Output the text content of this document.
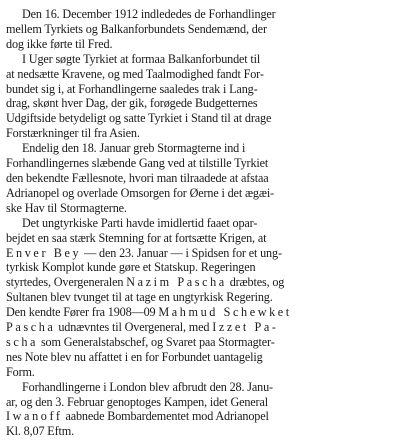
Den 16. December 1912 indlededes de Forhandlinger
mellem Tyrkiets og Balkanforbundets Sendemænd, der
dog ikke førte til Fred.
I Uger søgte Tyrkiet at formaa Balkanforbundet til
at nedsætte Kravene, og med Taalmodighed fandt For-
bundet sig i, at Forhandlingerne saaledes trak i Lang-
drag, skønt hver Dag, der gik, forøgede Budgetternes
Udgiftside betydeligt og satte Tyrkiet i Stand til at drage
Forstærkninger til fra Asien.
Endelig den 18. Januar greb Stormagterne ind i
Forhandlingernes slæbende Gang ved at tilstille Tyrkiet
den bekendte Fællesnote, hvori man tilraadede at afstaa
Adrianopel og overlade Omsorgen for Øerne i det ægæi-
ske Hav til Stormagterne.
Det ungtyrkiske Parti havde imidlertid faaet opar-
bejdet en saa stærk Stemning for at fortsætte Krigen, at
Enver Bey — den 23. Januar — i Spidsen for et ung-
tyrkisk Komplot kunde gøre et Statskup. Regeringen
styrtedes, Overgeneralen Nazim Pascha dræbtes, og
Sultanen blev tvunget til at tage en ungtyrkisk Regering.
Den kendte Fører fra 1908—09 Mahmud Schewket
Pascha udnævntes til Overgeneral, med Izzet Pa-
scha som Generalstabschef, og Svaret paa Stormagter-
nes Note blev nu affattet i en for Forbundet uantagelig
Form.
Forhandlingerne i London blev afbrudt den 28. Janu-
ar, og den 3. Februar genoptoges Kampen, idet General
Iwanoff aabnede Bombardementet mod Adrianopel
Kl. 8,07 Eftm.
